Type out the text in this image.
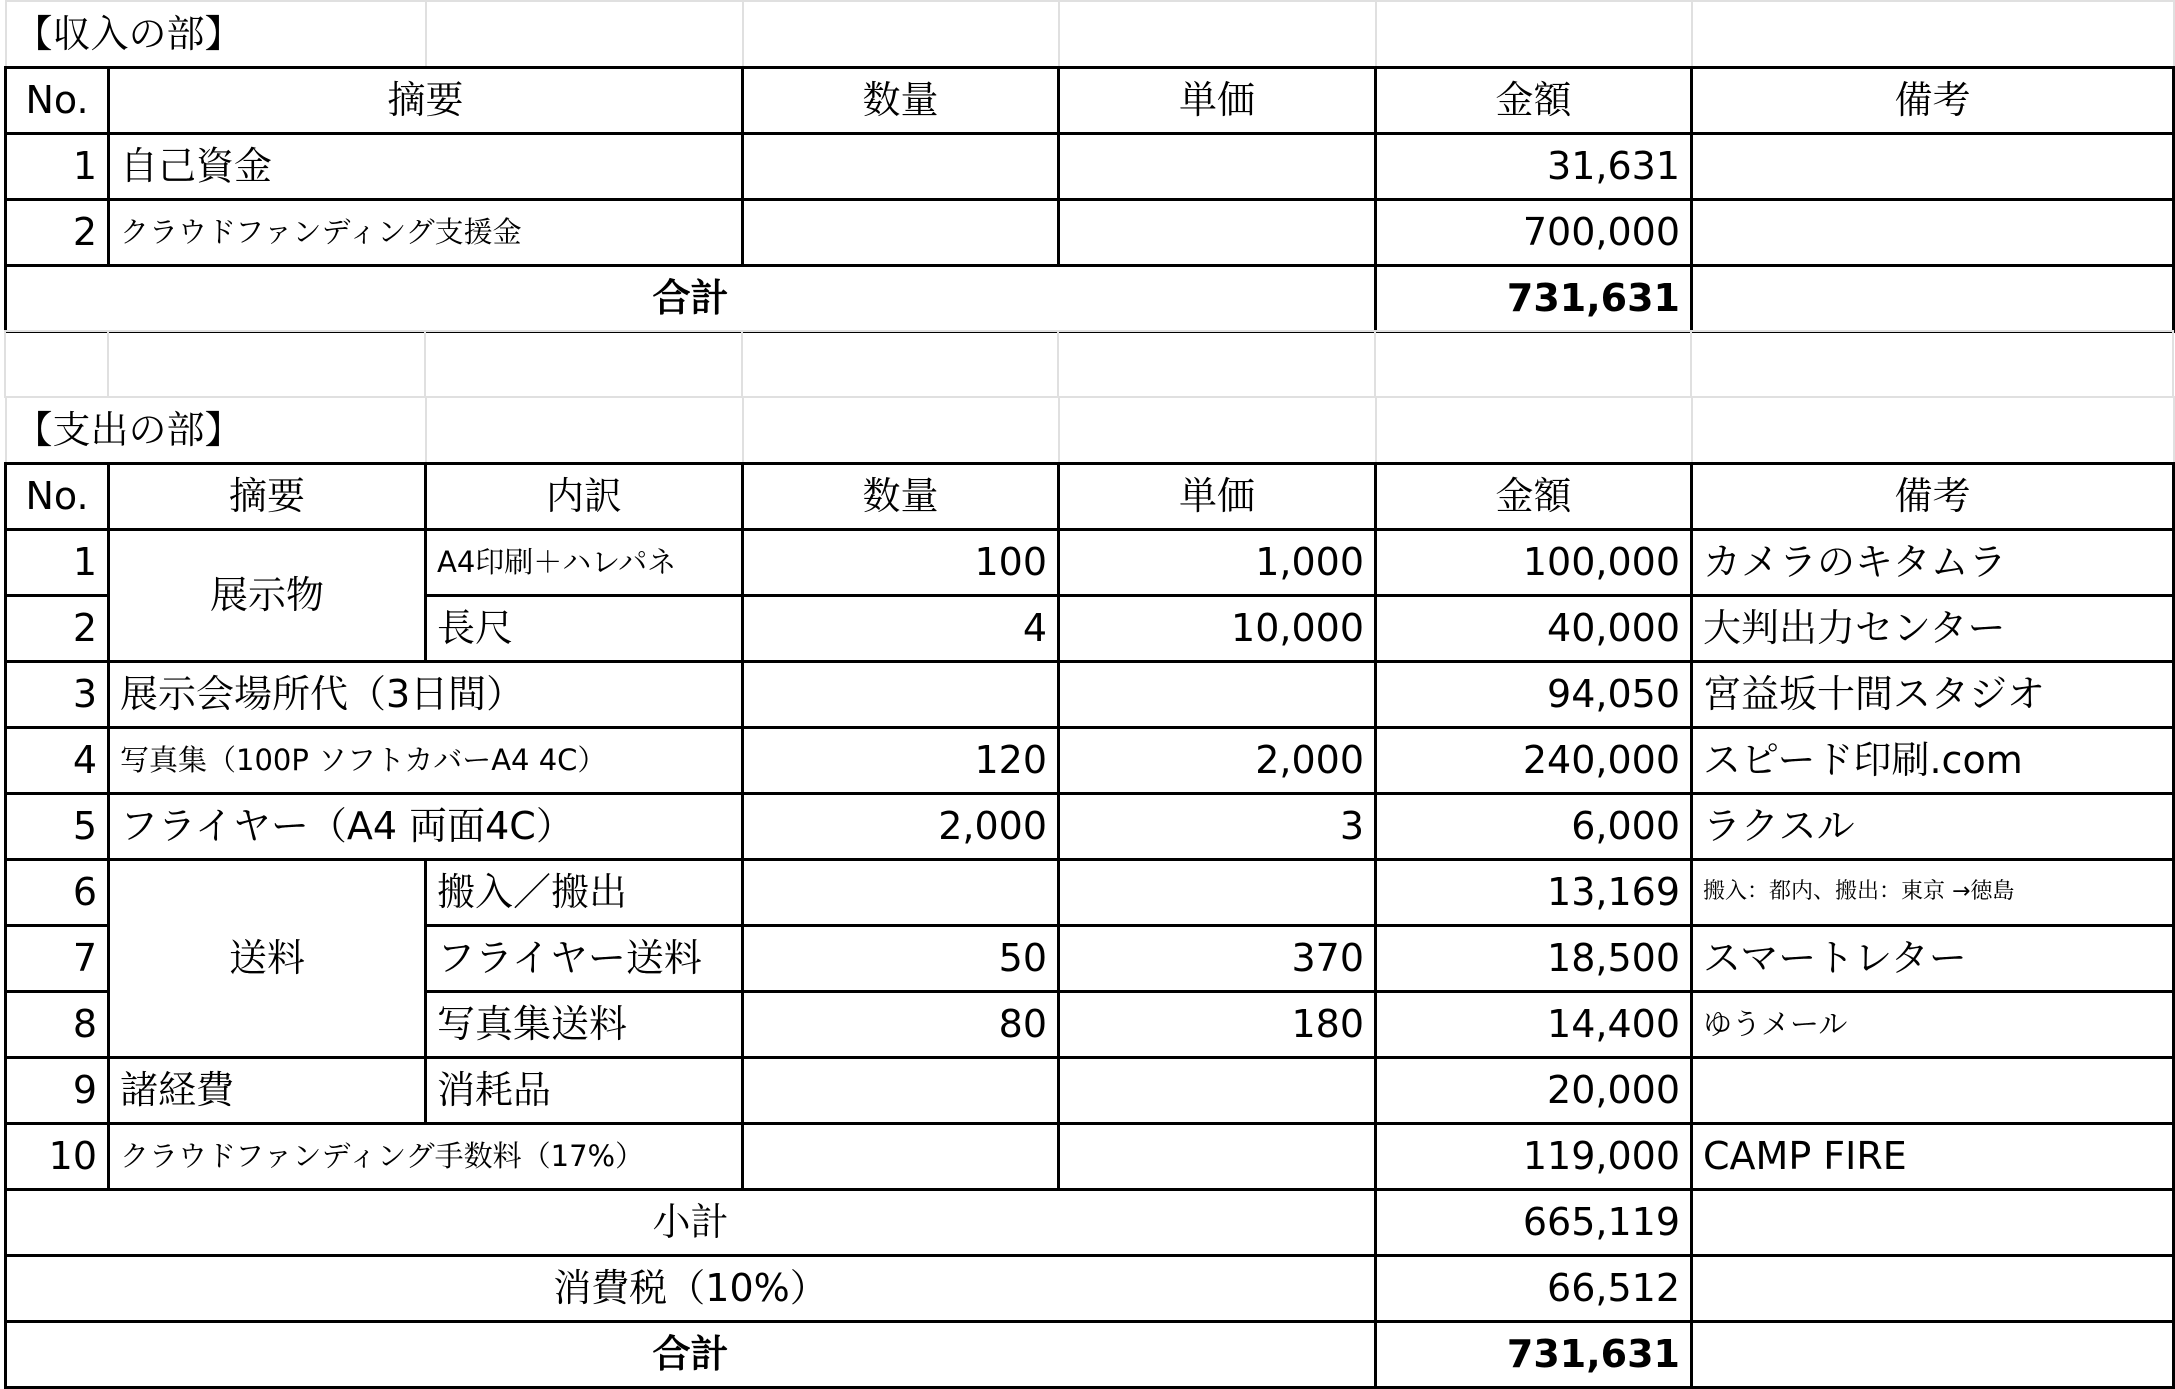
【収入の部】						
No.	摘要		数量	単価	金額	備考
1	自己資金				31,631	
2	クラウドファンディング支援金				700,000	
合計					731,631	

【支出の部】						
No.	摘要	内訳	数量	単価	金額	備考
1	展示物	A4印刷＋ハレパネ	100	1,000	100,000	カメラのキタムラ
2		長尺	4	10,000	40,000	大判出力センター
3	展示会場所代（3日間）				94,050	宮益坂十間スタジオ
4	写真集（100P ソフトカバーA4 4C）		120	2,000	240,000	スピード印刷.com
5	フライヤー（A4 両面4C）		2,000	3	6,000	ラクスル
6	送料	搬入／搬出			13,169	搬入：都内、搬出：東京 →徳島
7		フライヤー送料	50	370	18,500	スマートレター
8		写真集送料	80	180	14,400	ゆうメール
9	諸経費	消耗品			20,000	
10	クラウドファンディング手数料（17%）				119,000	CAMP FIRE
小計					665,119	
消費税（10%）					66,512	
合計					731,631	
